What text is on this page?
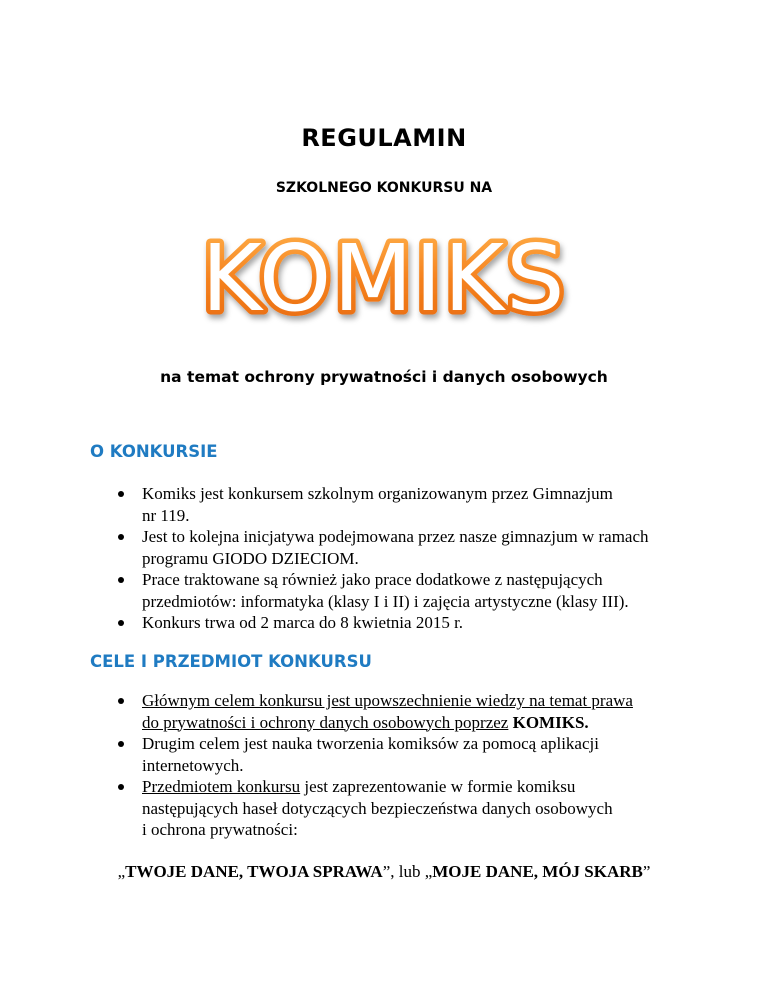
REGULAMIN
SZKOLNEGO KONKURSU NA
KOMIKS
na temat ochrony prywatności i danych osobowych
O KONKURSIE
Komiks jest konkursem szkolnym organizowanym przez Gimnazjum
nr 119.
Jest to kolejna inicjatywa podejmowana przez nasze gimnazjum w ramach
programu GIODO DZIECIOM.
Prace traktowane są również jako prace dodatkowe z następujących
przedmiotów: informatyka (klasy I i II) i zajęcia artystyczne (klasy III).
Konkurs trwa od 2 marca do 8 kwietnia 2015 r.
CELE I PRZEDMIOT KONKURSU
Głównym celem konkursu jest upowszechnienie wiedzy na temat prawa
do prywatności i ochrony danych osobowych poprzez KOMIKS.
Drugim celem jest nauka tworzenia komiksów za pomocą aplikacji
internetowych.
Przedmiotem konkursu jest zaprezentowanie w formie komiksu
następujących haseł dotyczących bezpieczeństwa danych osobowych
i ochrona prywatności:
„TWOJE DANE, TWOJA SPRAWA”, lub „MOJE DANE, MÓJ SKARB”
